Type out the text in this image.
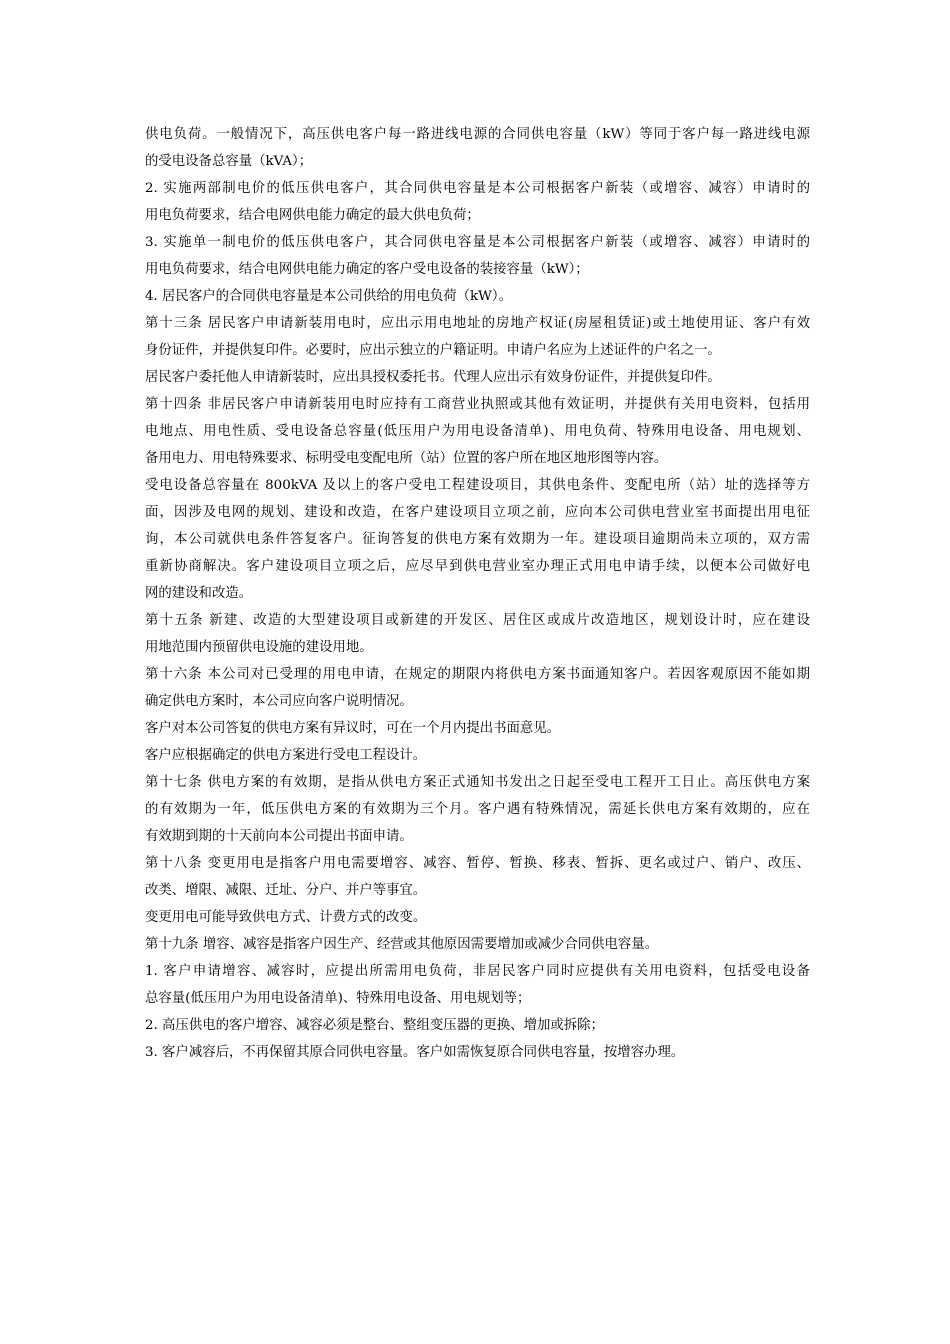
供电负荷。一般情况下，高压供电客户每一路进线电源的合同供电容量（kW）等同于客户每一路进线电源
的受电设备总容量（kVA）；
2. 实施两部制电价的低压供电客户，其合同供电容量是本公司根据客户新装（或增容、减容）申请时的
用电负荷要求，结合电网供电能力确定的最大供电负荷；
3. 实施单一制电价的低压供电客户，其合同供电容量是本公司根据客户新装（或增容、减容）申请时的
用电负荷要求，结合电网供电能力确定的客户受电设备的装接容量（kW）；
4. 居民客户的合同供电容量是本公司供给的用电负荷（kW）。
第十三条 居民客户申请新装用电时，应出示用电地址的房地产权证(房屋租赁证)或土地使用证、客户有效
身份证件，并提供复印件。必要时，应出示独立的户籍证明。申请户名应为上述证件的户名之一。
居民客户委托他人申请新装时，应出具授权委托书。代理人应出示有效身份证件，并提供复印件。
第十四条 非居民客户申请新装用电时应持有工商营业执照或其他有效证明，并提供有关用电资料，包括用
电地点、用电性质、受电设备总容量(低压用户为用电设备清单)、用电负荷、特殊用电设备、用电规划、
备用电力、用电特殊要求、标明受电变配电所（站）位置的客户所在地区地形图等内容。
受电设备总容量在 800kVA 及以上的客户受电工程建设项目，其供电条件、变配电所（站）址的选择等方
面，因涉及电网的规划、建设和改造，在客户建设项目立项之前，应向本公司供电营业室书面提出用电征
询，本公司就供电条件答复客户。征询答复的供电方案有效期为一年。建设项目逾期尚未立项的，双方需
重新协商解决。客户建设项目立项之后，应尽早到供电营业室办理正式用电申请手续，以便本公司做好电
网的建设和改造。
第十五条 新建、改造的大型建设项目或新建的开发区、居住区或成片改造地区，规划设计时，应在建设
用地范围内预留供电设施的建设用地。
第十六条 本公司对已受理的用电申请，在规定的期限内将供电方案书面通知客户。若因客观原因不能如期
确定供电方案时，本公司应向客户说明情况。
客户对本公司答复的供电方案有异议时，可在一个月内提出书面意见。
客户应根据确定的供电方案进行受电工程设计。
第十七条 供电方案的有效期，是指从供电方案正式通知书发出之日起至受电工程开工日止。高压供电方案
的有效期为一年，低压供电方案的有效期为三个月。客户遇有特殊情况，需延长供电方案有效期的，应在
有效期到期的十天前向本公司提出书面申请。
第十八条 变更用电是指客户用电需要增容、减容、暂停、暂换、移表、暂拆、更名或过户、销户、改压、
改类、增限、减限、迁址、分户、并户等事宜。
变更用电可能导致供电方式、计费方式的改变。
第十九条 增容、减容是指客户因生产、经营或其他原因需要增加或减少合同供电容量。
1. 客户申请增容、减容时，应提出所需用电负荷，非居民客户同时应提供有关用电资料，包括受电设备
总容量(低压用户为用电设备清单)、特殊用电设备、用电规划等；
2. 高压供电的客户增容、减容必须是整台、整组变压器的更换、增加或拆除；
3. 客户减容后，不再保留其原合同供电容量。客户如需恢复原合同供电容量，按增容办理。
